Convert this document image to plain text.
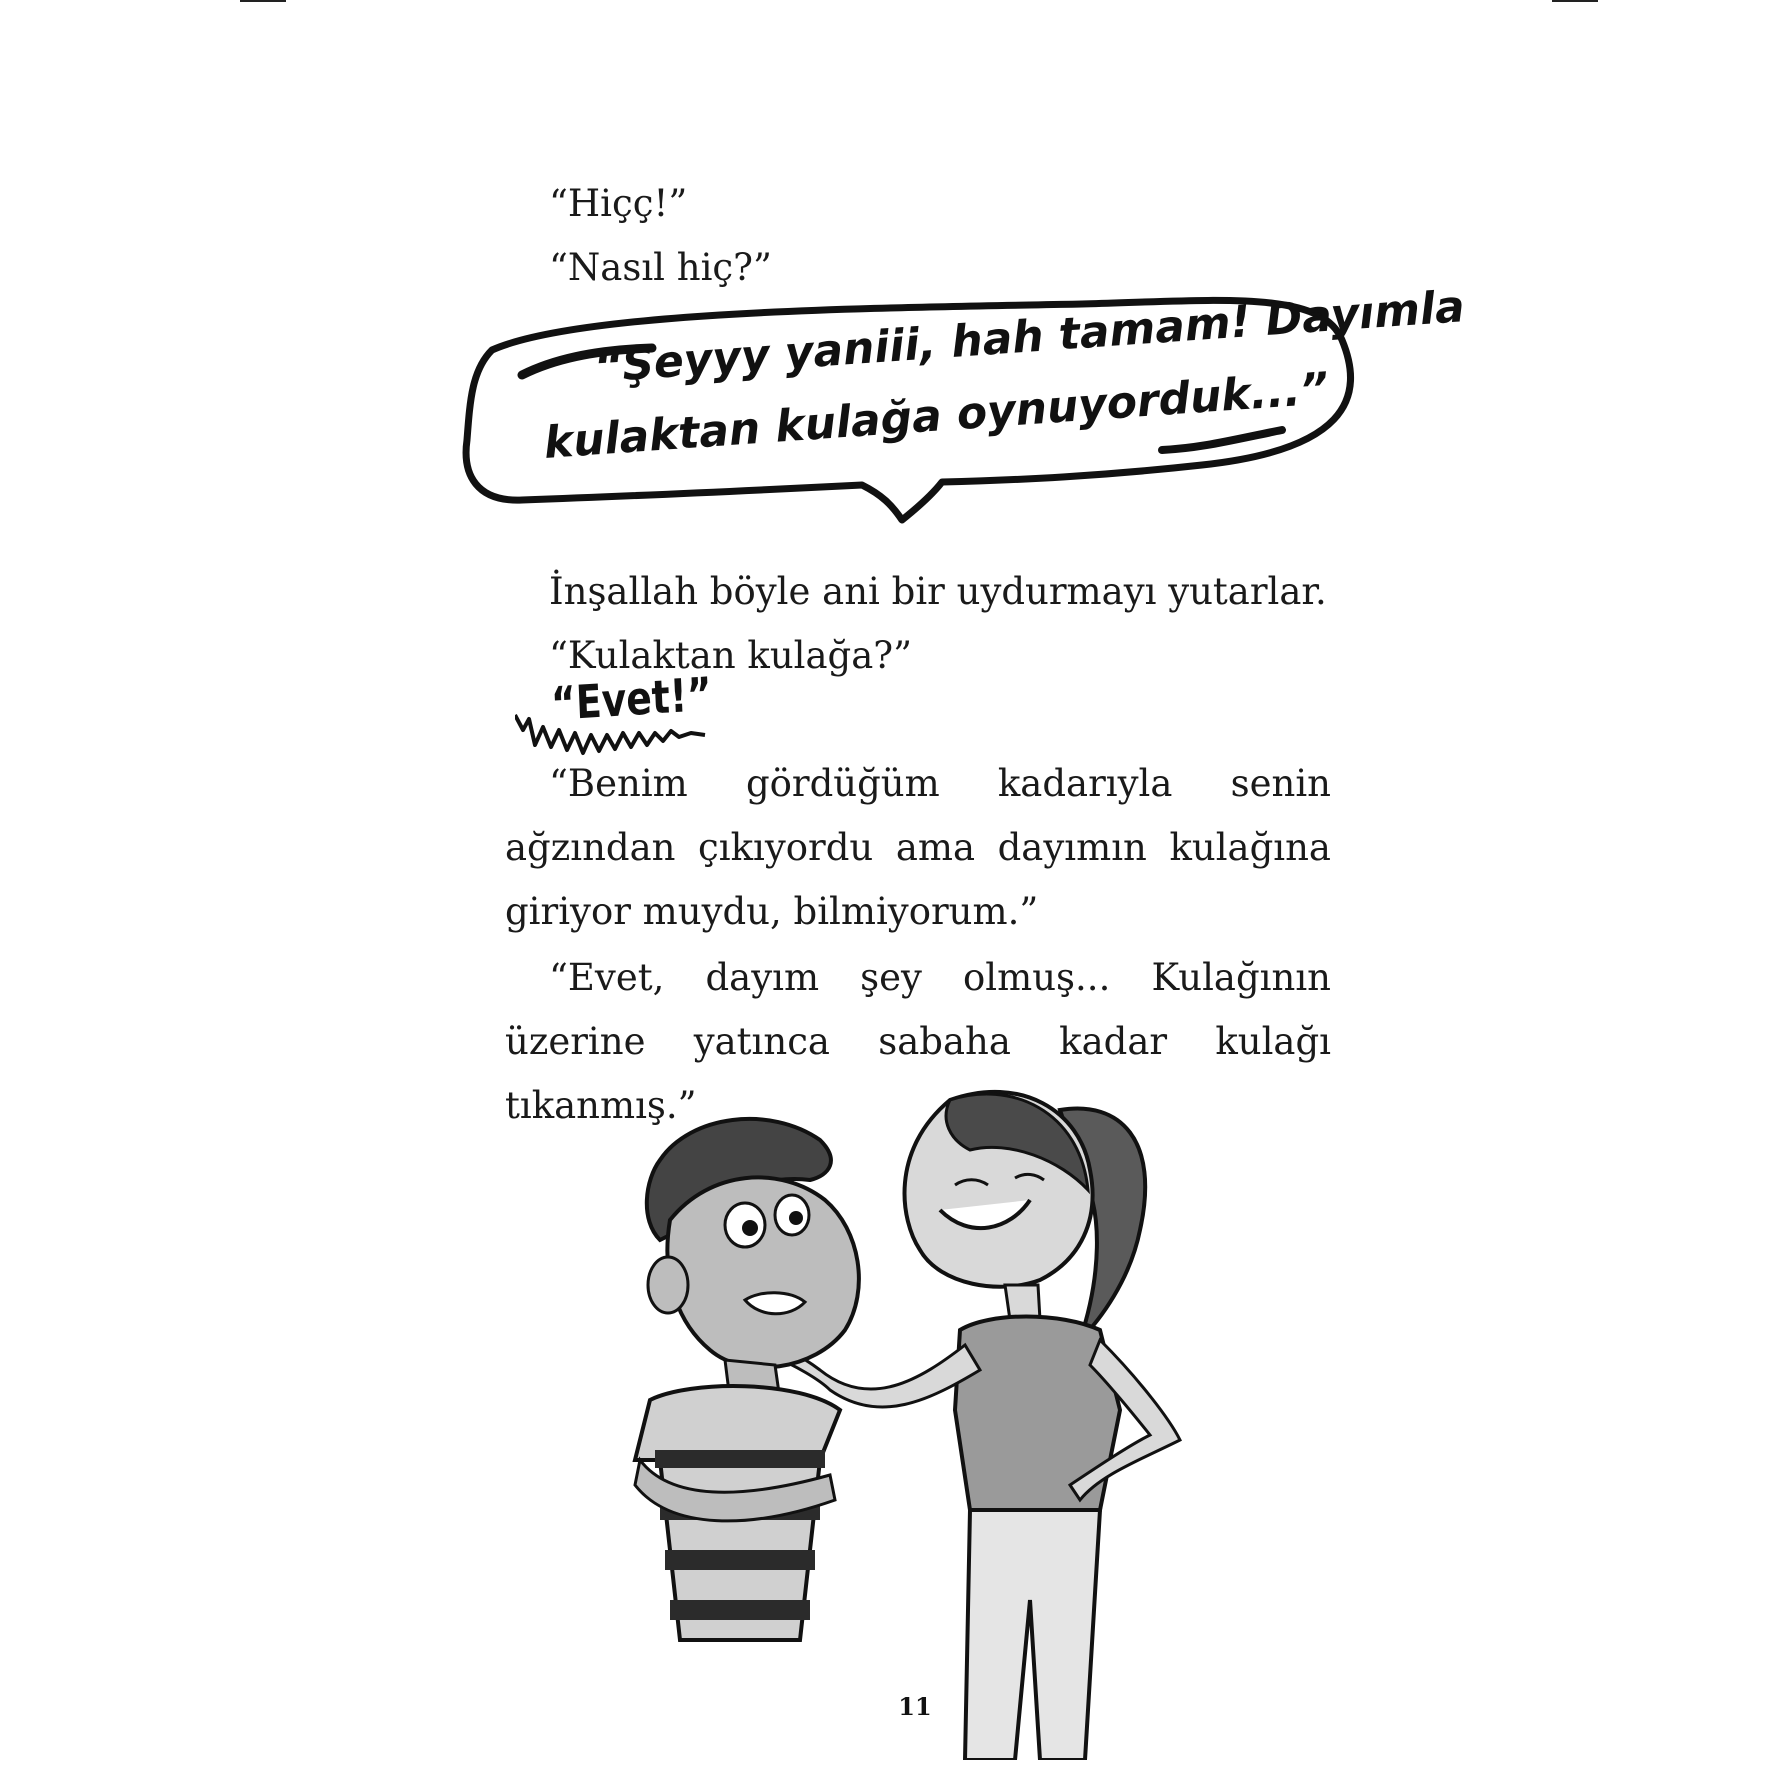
“Hiçç!”
“Nasıl hiç?”
“Şeyyy yaniii, hah tamam! Dayımla
kulaktan kulağa oynuyorduk...”
İnşallah böyle ani bir uydurmayı yutarlar.
“Kulaktan kulağa?”
“Evet!”

“Benim gördüğüm kadarıyla senin ağzından çıkıyordu ama dayımın kulağına giriyor muydu, bilmiyorum.”

“Evet, dayım şey olmuş... Kulağının üzerine yatınca sabaha kadar kulağı tıkanmış.”

11
